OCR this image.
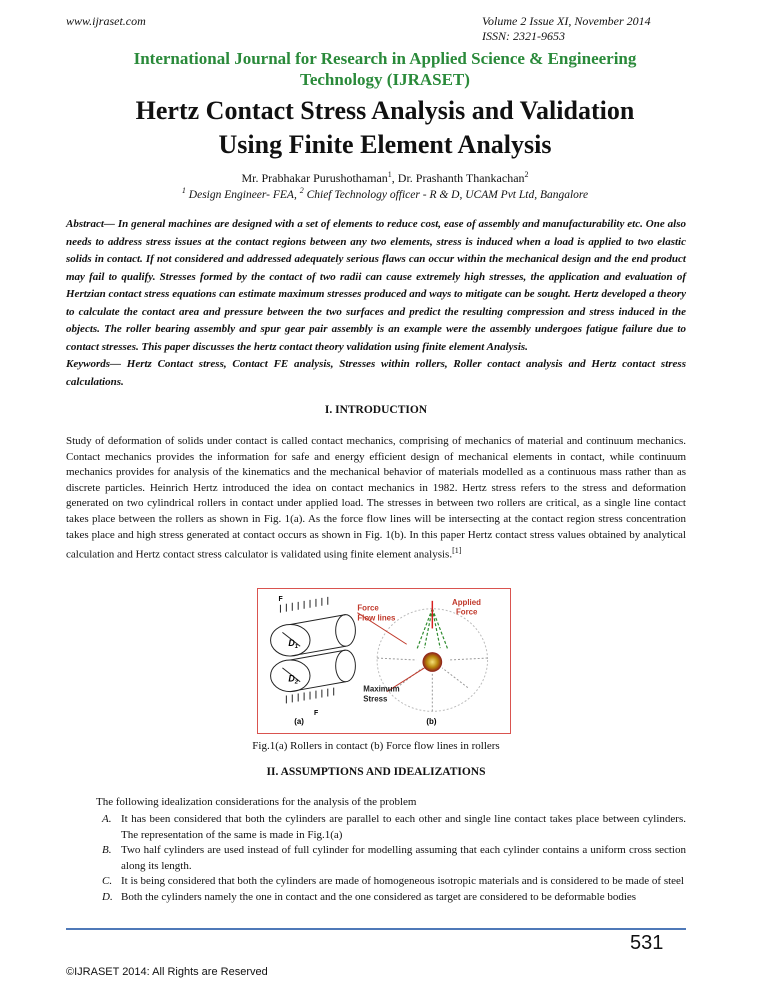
www.ijraset.com	Volume 2 Issue XI, November 2014
ISSN: 2321-9653
International Journal for Research in Applied Science & Engineering
Technology (IJRASET)
Hertz Contact Stress Analysis and Validation
Using Finite Element Analysis
Mr. Prabhakar Purushothaman$^1$, Dr. Prashanth Thankachan$^2$
$^1$ Design Engineer- FEA, $^2$ Chief Technology officer - R & D, UCAM Pvt Ltd, Bangalore

Abstract— In general machines are designed with a set of elements to reduce cost, ease of assembly and manufacturability etc. One also needs to address stress issues at the contact regions between any two elements, stress is induced when a load is applied to two elastic solids in contact. If not considered and addressed adequately serious flaws can occur within the mechanical design and the end product may fail to qualify. Stresses formed by the contact of two radii can cause extremely high stresses, the application and evaluation of Hertzian contact stress equations can estimate maximum stresses produced and ways to mitigate can be sought. Hertz developed a theory to calculate the contact area and pressure between the two surfaces and predict the resulting compression and stress induced in the objects. The roller bearing assembly and spur gear pair assembly is an example were the assembly undergoes fatigue failure due to contact stresses. This paper discusses the hertz contact theory validation using finite element Analysis.

Keywords— Hertz Contact stress, Contact FE analysis, Stresses within rollers, Roller contact analysis and Hertz contact stress calculations.

I. INTRODUCTION
Study of deformation of solids under contact is called contact mechanics, comprising of mechanics of material and continuum mechanics. Contact mechanics provides the information for safe and energy efficient design of mechanical elements in contact, while continuum mechanics provides for analysis of the kinematics and the mechanical behavior of materials modelled as a continuous mass rather than as discrete particles. Heinrich Hertz introduced the idea on contact mechanics in 1982. Hertz stress refers to the stress and deformation generated on two cylindrical rollers in contact under applied load. The stresses in between two rollers are critical, as a single line contact takes place between the rollers as shown in Fig. 1(a). As the force flow lines will be intersecting at the contact region stress concentration takes place and high stress generated at contact occurs as shown in Fig. 1(b). In this paper Hertz contact stress values obtained by analytical calculation and Hertz contact stress calculator is validated using finite element analysis.[1]
F
F
$D_1$
$D_2$
(a)
Force
Flow lines
Applied
Force
Maximum
Stress
(b)
Fig.1(a) Rollers in contact (b) Force flow lines in rollers
II. ASSUMPTIONS AND IDEALIZATIONS
The following idealization considerations for the analysis of the problem
A. It has been considered that both the cylinders are parallel to each other and single line contact takes place between cylinders. The representation of the same is made in Fig.1(a)
B. Two half cylinders are used instead of full cylinder for modelling assuming that each cylinder contains a uniform cross section along its length.
C. It is being considered that both the cylinders are made of homogeneous isotropic materials and is considered to be made of steel
D. Both the cylinders namely the one in contact and the one considered as target are considered to be deformable bodies
531
©IJRASET 2014: All Rights are Reserved
